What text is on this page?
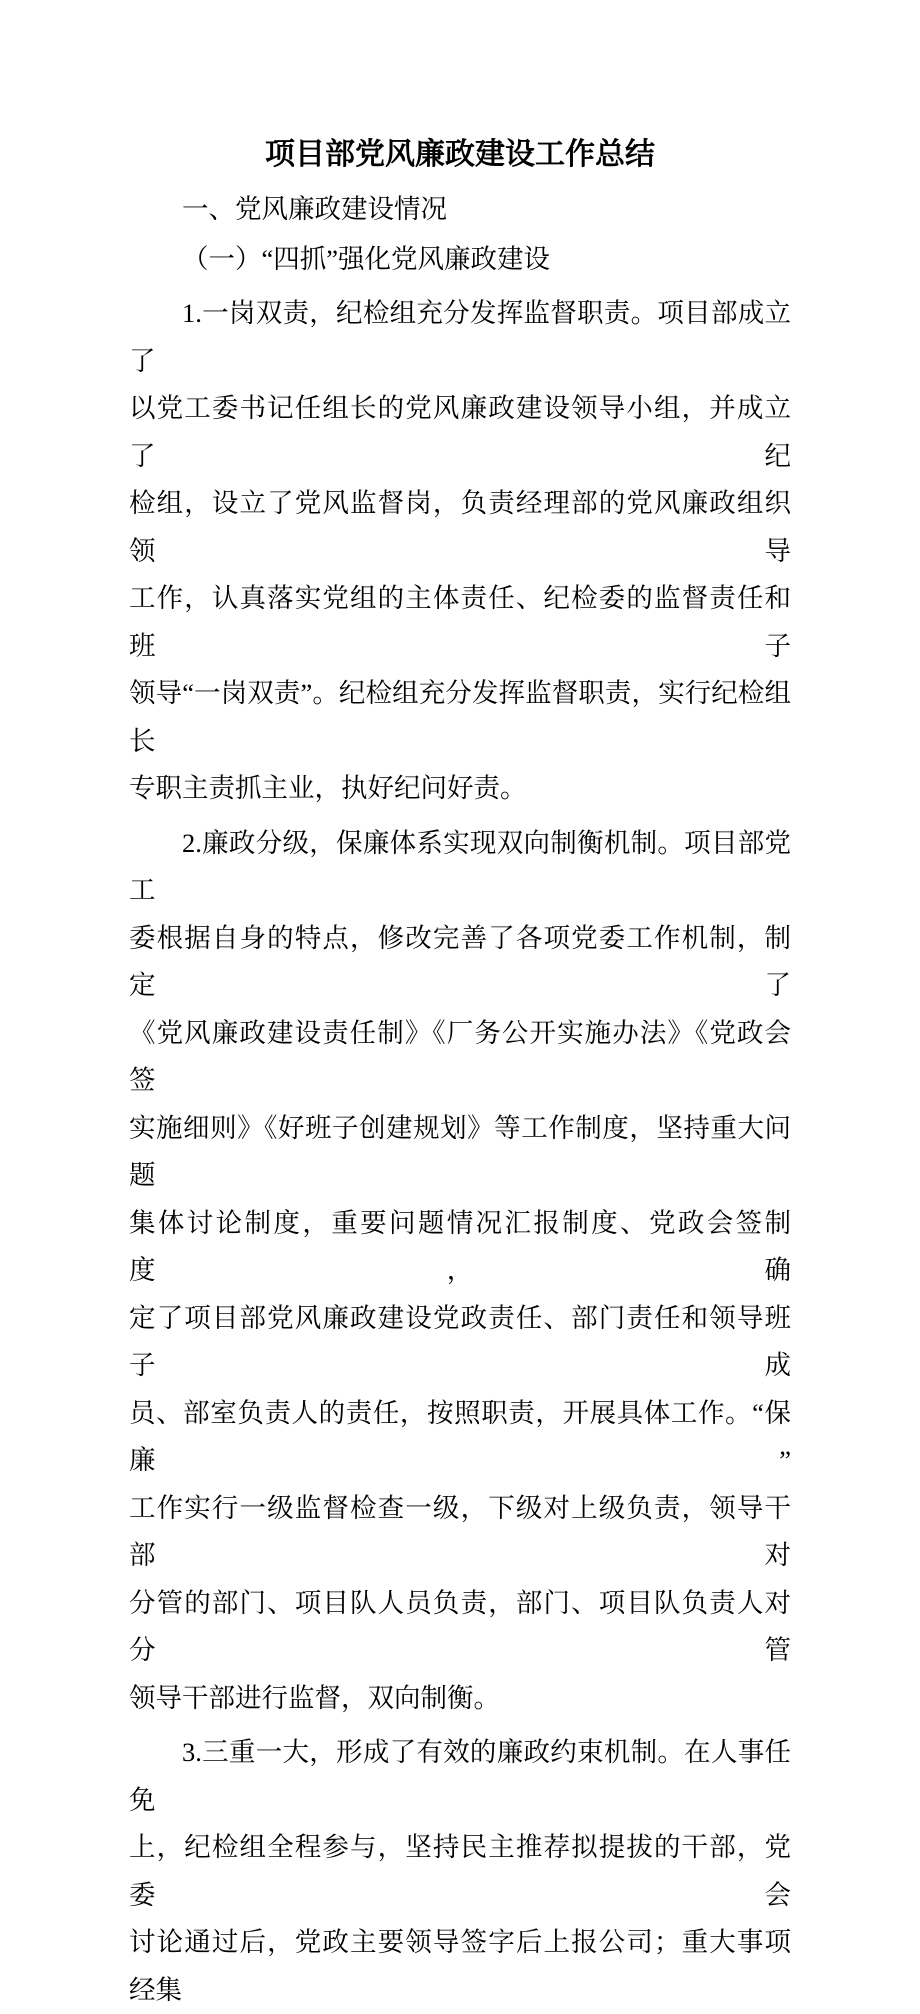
项目部党风廉政建设工作总结
一、党风廉政建设情况
（一）“四抓”强化党风廉政建设
1.一岗双责，纪检组充分发挥监督职责。项目部成立了
以党工委书记任组长的党风廉政建设领导小组，并成立了纪
检组，设立了党风监督岗，负责经理部的党风廉政组织领导
工作，认真落实党组的主体责任、纪检委的监督责任和班子
领导“一岗双责”。纪检组充分发挥监督职责，实行纪检组长
专职主责抓主业，执好纪问好责。
2.廉政分级，保廉体系实现双向制衡机制。项目部党工
委根据自身的特点，修改完善了各项党委工作机制，制定了
《党风廉政建设责任制》《厂务公开实施办法》《党政会签
实施细则》《好班子创建规划》等工作制度，坚持重大问题
集体讨论制度，重要问题情况汇报制度、党政会签制度，确
定了项目部党风廉政建设党政责任、部门责任和领导班子成
员、部室负责人的责任，按照职责，开展具体工作。“保廉”
工作实行一级监督检查一级，下级对上级负责，领导干部对
分管的部门、项目队人员负责，部门、项目队负责人对分管
领导干部进行监督，双向制衡。
3.三重一大，形成了有效的廉政约束机制。在人事任免
上，纪检组全程参与，坚持民主推荐拟提拔的干部，党委会
讨论通过后，党政主要领导签字后上报公司；重大事项经集
